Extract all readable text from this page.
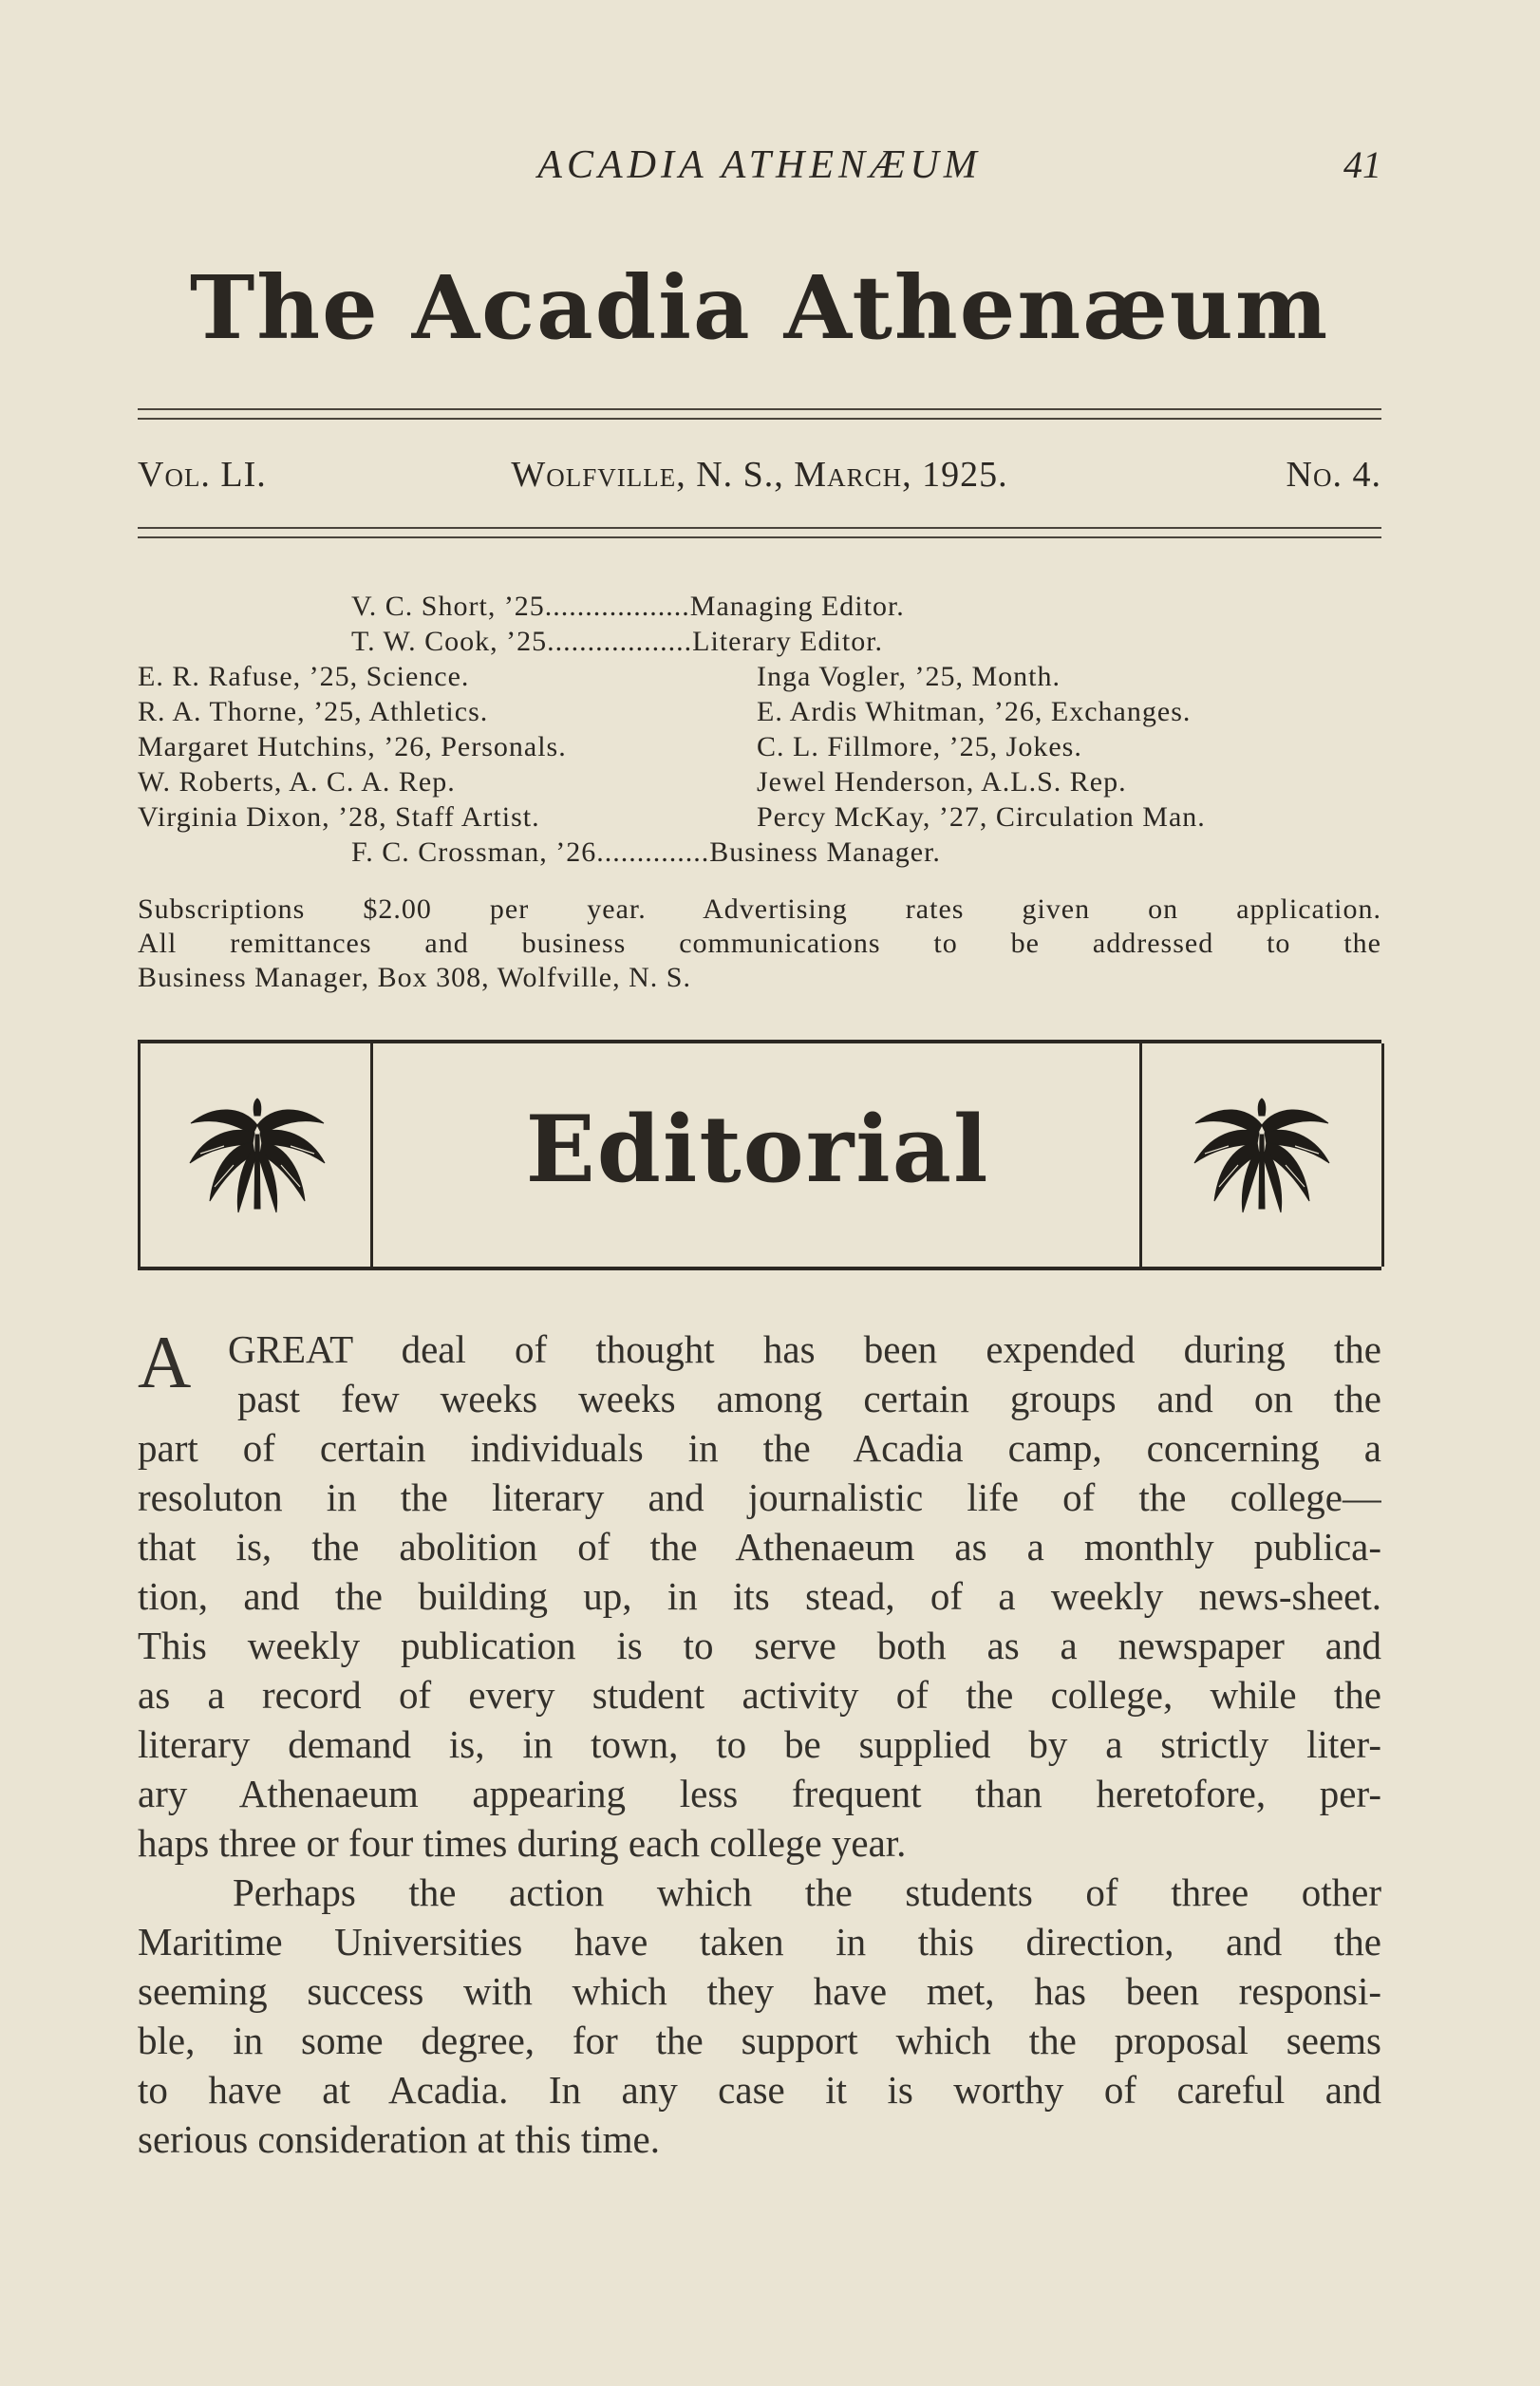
ACADIA ATHENÆUM	41
The Acadia Athenæum
Vol. LI.	Wolfville, N. S., March, 1925.	No. 4.
V. C. Short, ’25..................Managing Editor.
T. W. Cook, ’25..................Literary Editor.
E. R. Rafuse, ’25, Science.	Inga Vogler, ’25, Month.
R. A. Thorne, ’25, Athletics.	E. Ardis Whitman, ’26, Exchanges.
Margaret Hutchins, ’26, Personals.	C. L. Fillmore, ’25, Jokes.
W. Roberts, A. C. A. Rep.	Jewel Henderson, A.L.S. Rep.
Virginia Dixon, ’28, Staff Artist.	Percy McKay, ’27, Circulation Man.
F. C. Crossman, ’26..............Business Manager.
Subscriptions $2.00 per year. Advertising rates given on application.
All remittances and business communications to be addressed to the
Business Manager, Box 308, Wolfville, N. S.
Editorial
A GREAT deal of thought has been expended during the
past few weeks weeks among certain groups and on the
part of certain individuals in the Acadia camp, concerning a
resoluton in the literary and journalistic life of the college—
that is, the abolition of the Athenaeum as a monthly publica-
tion, and the building up, in its stead, of a weekly news-sheet.
This weekly publication is to serve both as a newspaper and
as a record of every student activity of the college, while the
literary demand is, in town, to be supplied by a strictly liter-
ary Athenaeum appearing less frequent than heretofore, per-
haps three or four times during each college year.
Perhaps the action which the students of three other
Maritime Universities have taken in this direction, and the
seeming success with which they have met, has been responsi-
ble, in some degree, for the support which the proposal seems
to have at Acadia. In any case it is worthy of careful and
serious consideration at this time.
